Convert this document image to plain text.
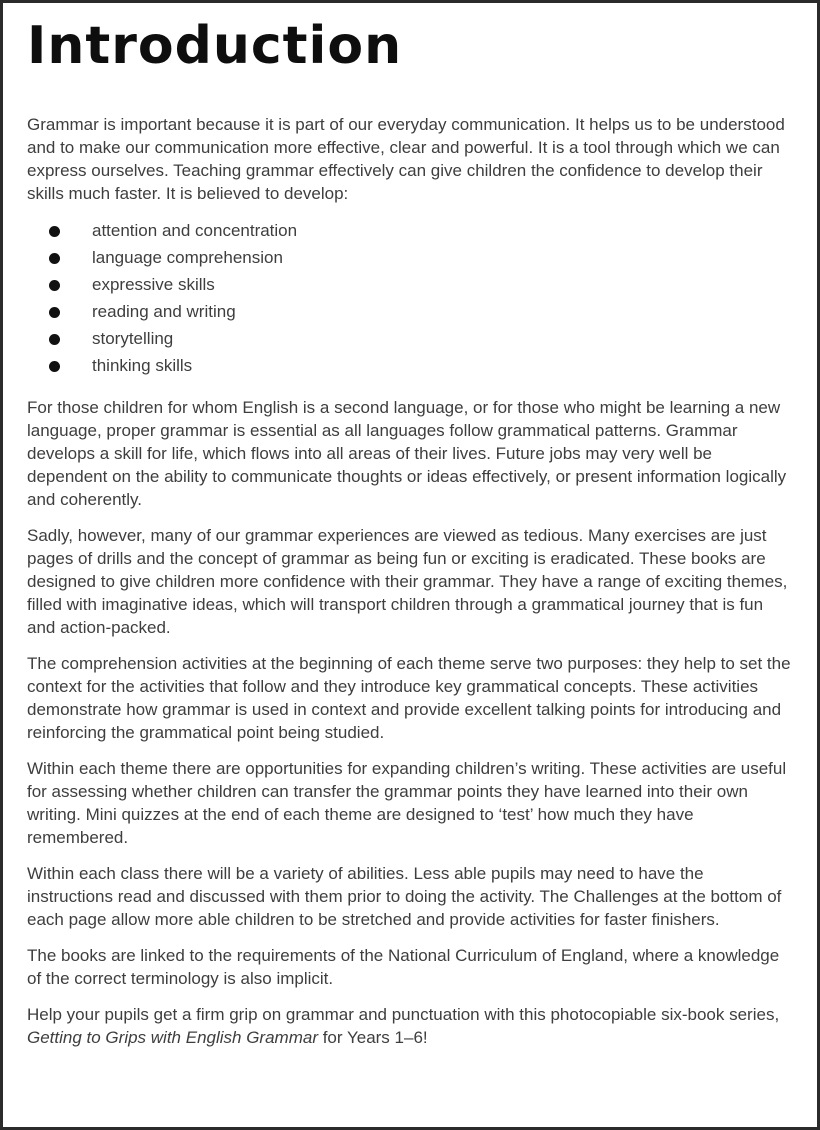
Introduction

Grammar is important because it is part of our everyday communication. It helps us to be understood and to make our communication more effective, clear and powerful. It is a tool through which we can express ourselves. Teaching grammar effectively can give children the confidence to develop their skills much faster. It is believed to develop:

attention and concentration
language comprehension
expressive skills
reading and writing
storytelling
thinking skills

For those children for whom English is a second language, or for those who might be learning a new language, proper grammar is essential as all languages follow grammatical patterns. Grammar develops a skill for life, which flows into all areas of their lives. Future jobs may very well be dependent on the ability to communicate thoughts or ideas effectively, or present information logically and coherently.

Sadly, however, many of our grammar experiences are viewed as tedious. Many exercises are just pages of drills and the concept of grammar as being fun or exciting is eradicated. These books are designed to give children more confidence with their grammar. They have a range of exciting themes, filled with imaginative ideas, which will transport children through a grammatical journey that is fun and action-packed.

The comprehension activities at the beginning of each theme serve two purposes: they help to set the context for the activities that follow and they introduce key grammatical concepts. These activities demonstrate how grammar is used in context and provide excellent talking points for introducing and reinforcing the grammatical point being studied.

Within each theme there are opportunities for expanding children’s writing. These activities are useful for assessing whether children can transfer the grammar points they have learned into their own writing. Mini quizzes at the end of each theme are designed to ‘test’ how much they have remembered.

Within each class there will be a variety of abilities. Less able pupils may need to have the instructions read and discussed with them prior to doing the activity. The Challenges at the bottom of each page allow more able children to be stretched and provide activities for faster finishers.

The books are linked to the requirements of the National Curriculum of England, where a knowledge of the correct terminology is also implicit.

Help your pupils get a firm grip on grammar and punctuation with this photocopiable six-book series, Getting to Grips with English Grammar for Years 1–6!
